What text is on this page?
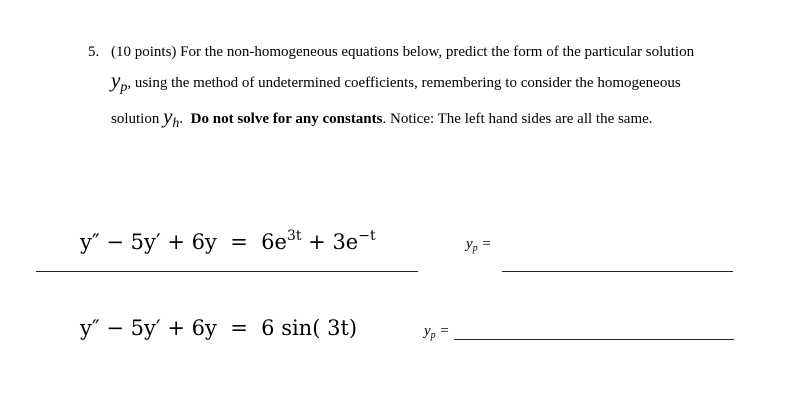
5. (10 points) For the non-homogeneous equations below, predict the form of the particular solution
$y_p$, using the method of undetermined coefficients, remembering to consider the homogeneous
solution $y_h$. Do not solve for any constants. Notice: The left hand sides are all the same.
$y'' - 5y' + 6y = 6e^{3t} + 3e^{-t}$	$y_p$ =
y″ − 5y′ + 6y = 6 sin( 3t)	$y_p$ =
